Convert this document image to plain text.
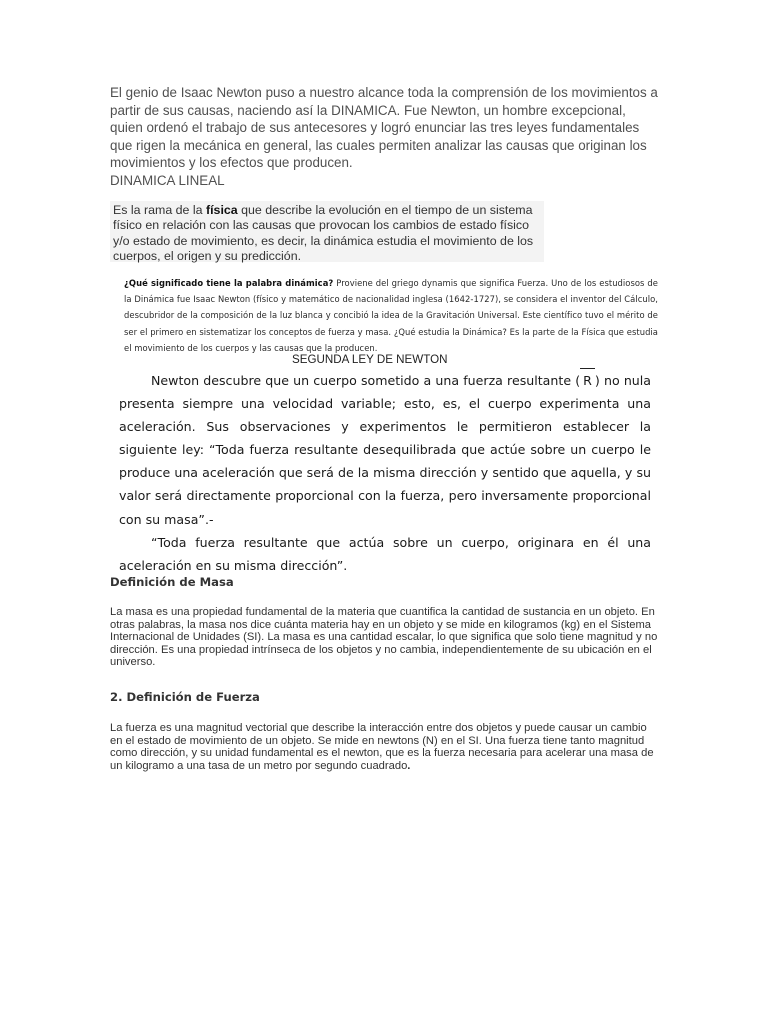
El genio de Isaac Newton puso a nuestro alcance toda la comprensión de los movimientos a partir de sus causas, naciendo así la DINAMICA. Fue Newton, un hombre excepcional, quien ordenó el trabajo de sus antecesores y logró enunciar las tres leyes fundamentales que rigen la mecánica en general, las cuales permiten analizar las causas que originan los movimientos y los efectos que producen.

DINAMICA LINEAL

Es la rama de la física que describe la evolución en el tiempo de un sistema físico en relación con las causas que provocan los cambios de estado físico y/o estado de movimiento, es decir, la dinámica estudia el movimiento de los cuerpos, el origen y su predicción.

¿Qué significado tiene la palabra dinámica? Proviene del griego dynamis que significa Fuerza. Uno de los estudiosos de la Dinámica fue Isaac Newton (físico y matemático de nacionalidad inglesa (1642-1727), se considera el inventor del Cálculo, descubridor de la composición de la luz blanca y concibió la idea de la Gravitación Universal. Este científico tuvo el mérito de ser el primero en sistematizar los conceptos de fuerza y masa. ¿Qué estudia la Dinámica? Es la parte de la Física que estudia el movimiento de los cuerpos y las causas que la producen.

SEGUNDA LEY DE NEWTON
Newton descubre que un cuerpo sometido a una fuerza resultante ( R ) no nula presenta siempre una velocidad variable; esto, es, el cuerpo experimenta una aceleración. Sus observaciones y experimentos le permitieron establecer la siguiente ley: “Toda fuerza resultante desequilibrada que actúe sobre un cuerpo le produce una aceleración que será de la misma dirección y sentido que aquella, y su valor será directamente proporcional con la fuerza, pero inversamente proporcional con su masa”.-
“Toda fuerza resultante que actúa sobre un cuerpo, originara en él una aceleración en su misma dirección”.

Definición de Masa

La masa es una propiedad fundamental de la materia que cuantifica la cantidad de sustancia en un objeto. En otras palabras, la masa nos dice cuánta materia hay en un objeto y se mide en kilogramos (kg) en el Sistema Internacional de Unidades (SI). La masa es una cantidad escalar, lo que significa que solo tiene magnitud y no dirección. Es una propiedad intrínseca de los objetos y no cambia, independientemente de su ubicación en el universo.

2. Definición de Fuerza

La fuerza es una magnitud vectorial que describe la interacción entre dos objetos y puede causar un cambio en el estado de movimiento de un objeto. Se mide en newtons (N) en el SI. Una fuerza tiene tanto magnitud como dirección, y su unidad fundamental es el newton, que es la fuerza necesaria para acelerar una masa de un kilogramo a una tasa de un metro por segundo cuadrado.
